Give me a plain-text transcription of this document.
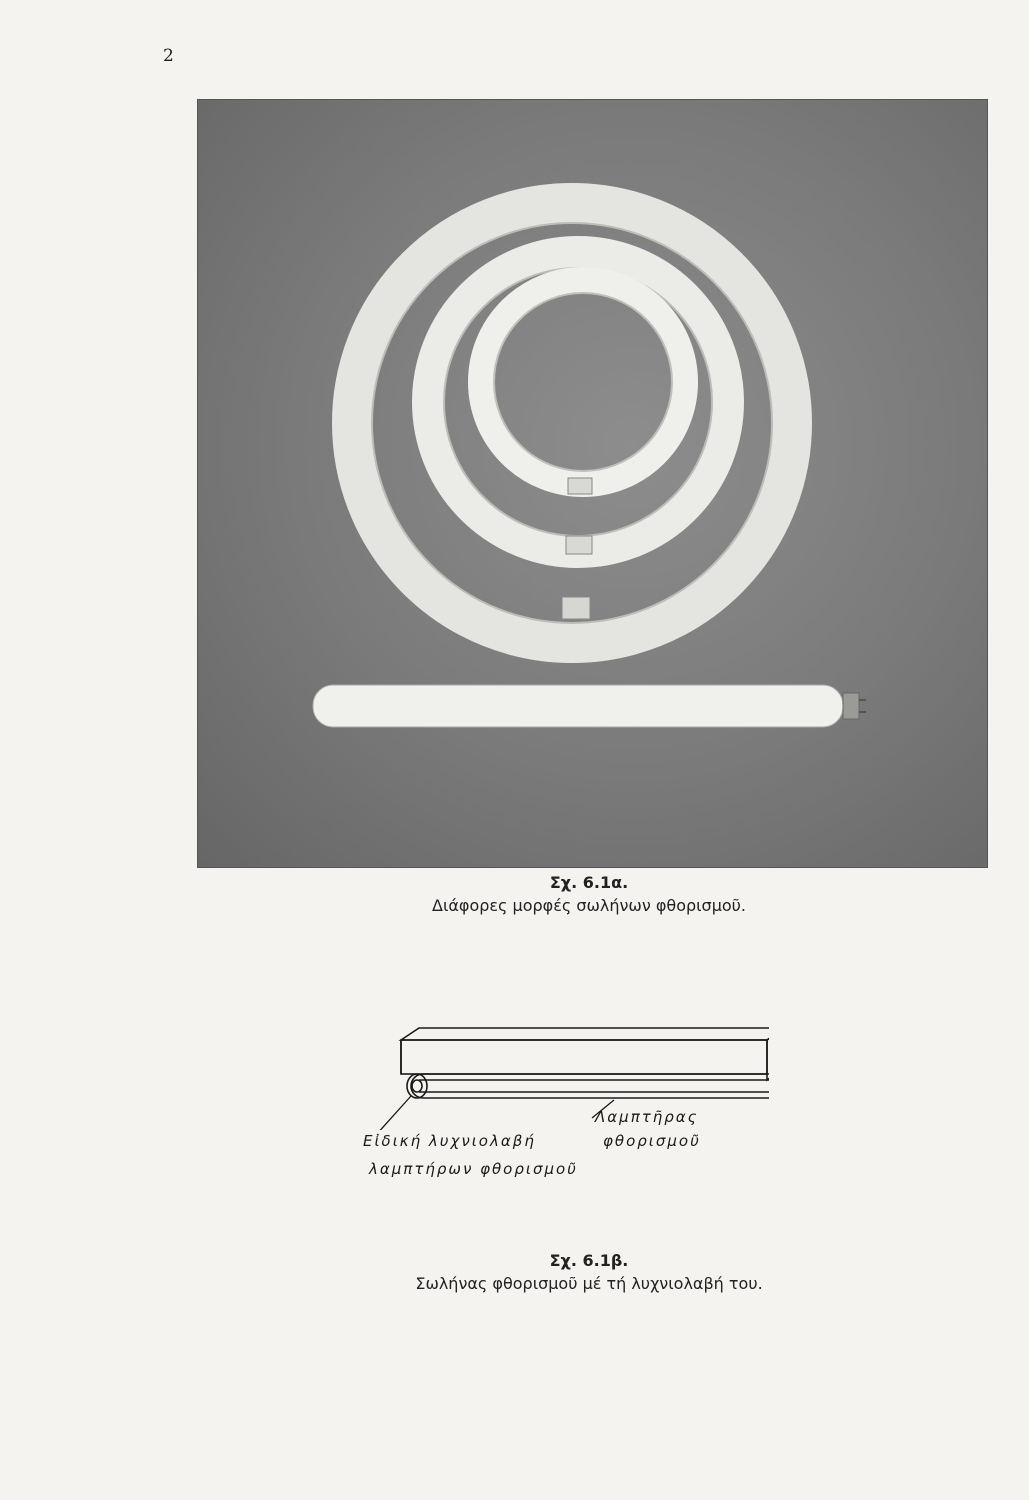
2
Σχ. 6.1α.
Διάφορες μορφές σωλήνων φθορισμοῦ.
Εἰδική λυχνιολαβή
λαμπτήρων φθορισμοῦ
Λαμπτῆρας
φθορισμοῦ
Σχ. 6.1β.
Σωλήνας φθορισμοῦ μέ τή λυχνιολαβή του.
